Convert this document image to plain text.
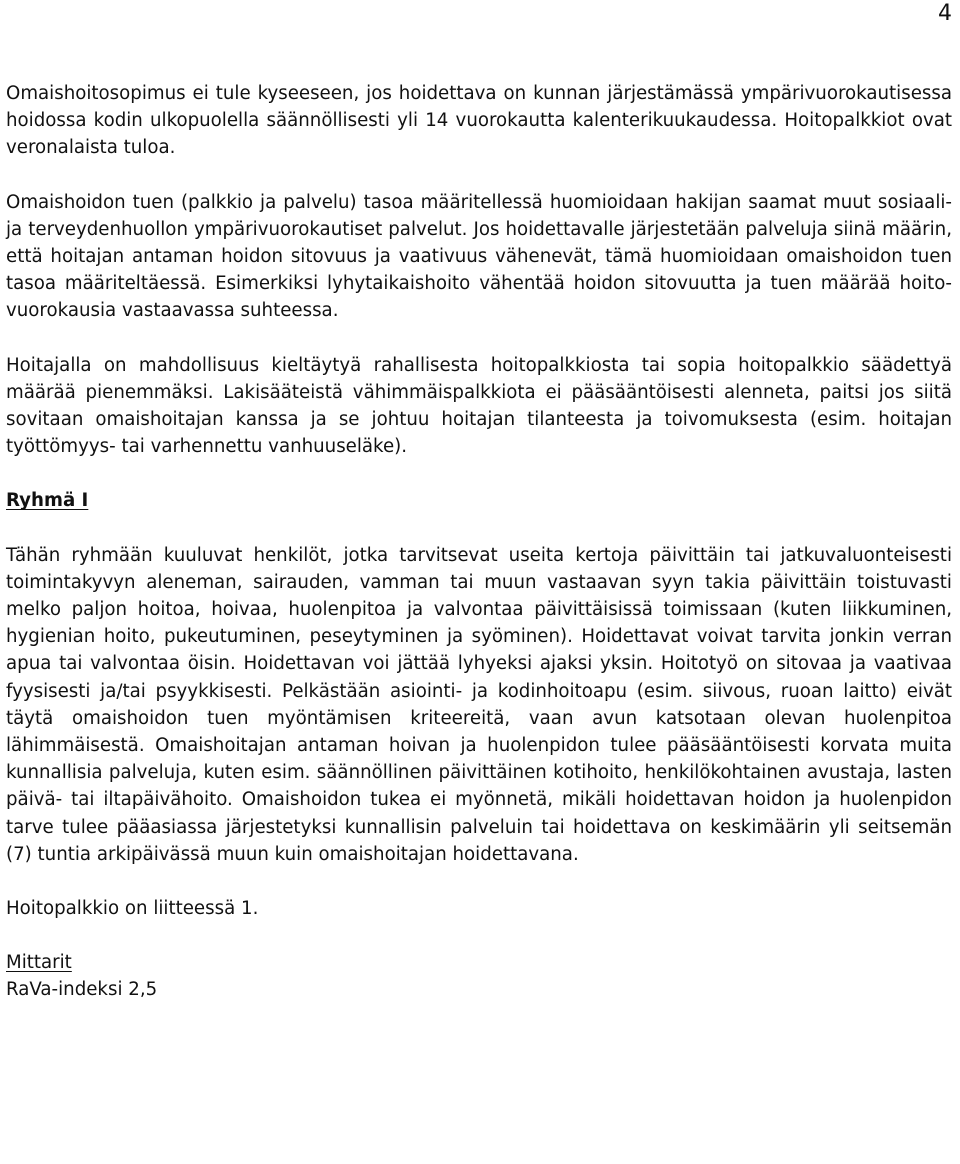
4

Omaishoitosopimus ei tule kyseeseen, jos hoidettava on kunnan järjestämässä ympärivuorokautisessa hoidossa kodin ulkopuolella säännöllisesti yli 14 vuorokautta kalenterikuukaudessa. Hoitopalkkiot ovat veronalaista tuloa.

Omaishoidon tuen (palkkio ja palvelu) tasoa määritellessä huomioidaan hakijan saamat muut sosiaali- ja terveydenhuollon ympärivuorokautiset palvelut. Jos hoidettavalle järjestetään palveluja siinä määrin, että hoitajan antaman hoidon sitovuus ja vaativuus vähenevät, tämä huomioidaan omaishoidon tuen tasoa määriteltäessä. Esimerkiksi lyhytaikaishoito vähentää hoidon sitovuutta ja tuen määrää hoitovuorokausia vastaavassa suhteessa.

Hoitajalla on mahdollisuus kieltäytyä rahallisesta hoitopalkkiosta tai sopia hoitopalkkio säädettyä määrää pienemmäksi. Lakisääteistä vähimmäispalkkiota ei pääsääntöisesti alenneta, paitsi jos siitä sovitaan omaishoitajan kanssa ja se johtuu hoitajan tilanteesta ja toivomuksesta (esim. hoitajan työttömyys- tai varhennettu vanhuuseläke).

Ryhmä I

Tähän ryhmään kuuluvat henkilöt, jotka tarvitsevat useita kertoja päivittäin tai jatkuvaluonteisesti toimintakyvyn aleneman, sairauden, vamman tai muun vastaavan syyn takia päivittäin toistuvasti melko paljon hoitoa, hoivaa, huolenpitoa ja valvontaa päivittäisissä toimissaan (kuten liikkuminen, hygienian hoito, pukeutuminen, peseytyminen ja syöminen). Hoidettavat voivat tarvita jonkin verran apua tai valvontaa öisin. Hoidettavan voi jättää lyhyeksi ajaksi yksin. Hoitotyö on sitovaa ja vaativaa fyysisesti ja/tai psyykkisesti. Pelkästään asiointi- ja kodinhoitoapu (esim. siivous, ruoan laitto) eivät täytä omaishoidon tuen myöntämisen kriteereitä, vaan avun katsotaan olevan huolenpitoa lähimmäisestä. Omaishoitajan antaman hoivan ja huolenpidon tulee pääsääntöisesti korvata muita kunnallisia palveluja, kuten esim. säännöllinen päivittäinen kotihoito, henkilökohtainen avustaja, lasten päivä- tai iltapäivähoito. Omaishoidon tukea ei myönnetä, mikäli hoidettavan hoidon ja huolenpidon tarve tulee pääasiassa järjestetyksi kunnallisin palveluin tai hoidettava on keskimäärin yli seitsemän (7) tuntia arkipäivässä muun kuin omaishoitajan hoidettavana.

Hoitopalkkio on liitteessä 1.

Mittarit
RaVa-indeksi 2,5
